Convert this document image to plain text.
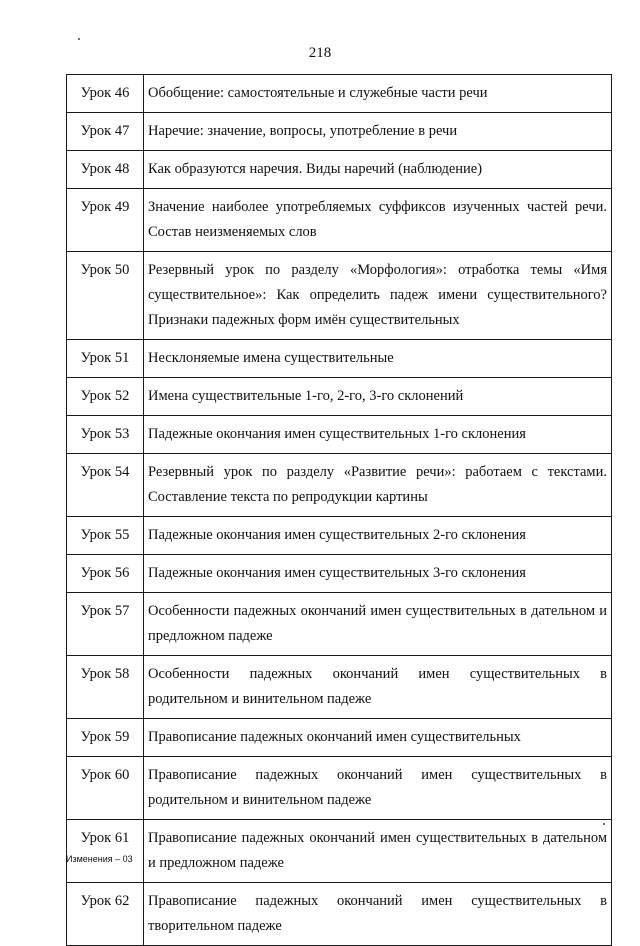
218
Урок 46	Обобщение: самостоятельные и служебные части речи
Урок 47	Наречие: значение, вопросы, употребление в речи
Урок 48	Как образуются наречия. Виды наречий (наблюдение)
Урок 49	Значение наиболее употребляемых суффиксов изученных частей речи. Состав неизменяемых слов
Урок 50	Резервный урок по разделу «Морфология»: отработка темы «Имя существительное»: Как определить падеж имени существительного? Признаки падежных форм имён существительных
Урок 51	Несклоняемые имена существительные
Урок 52	Имена существительные 1-го, 2-го, 3-го склонений
Урок 53	Падежные окончания имен существительных 1-го склонения
Урок 54	Резервный урок по разделу «Развитие речи»: работаем с текстами. Составление текста по репродукции картины
Урок 55	Падежные окончания имен существительных 2-го склонения
Урок 56	Падежные окончания имен существительных 3-го склонения
Урок 57	Особенности падежных окончаний имен существительных в дательном и предложном падеже
Урок 58	Особенности падежных окончаний имен существительных в родительном и винительном падеже
Урок 59	Правописание падежных окончаний имен существительных
Урок 60	Правописание падежных окончаний имен существительных в родительном и винительном падеже
Урок 61	Правописание падежных окончаний имен существительных в дательном и предложном падеже
Урок 62	Правописание падежных окончаний имен существительных в творительном падеже
Изменения – 03
